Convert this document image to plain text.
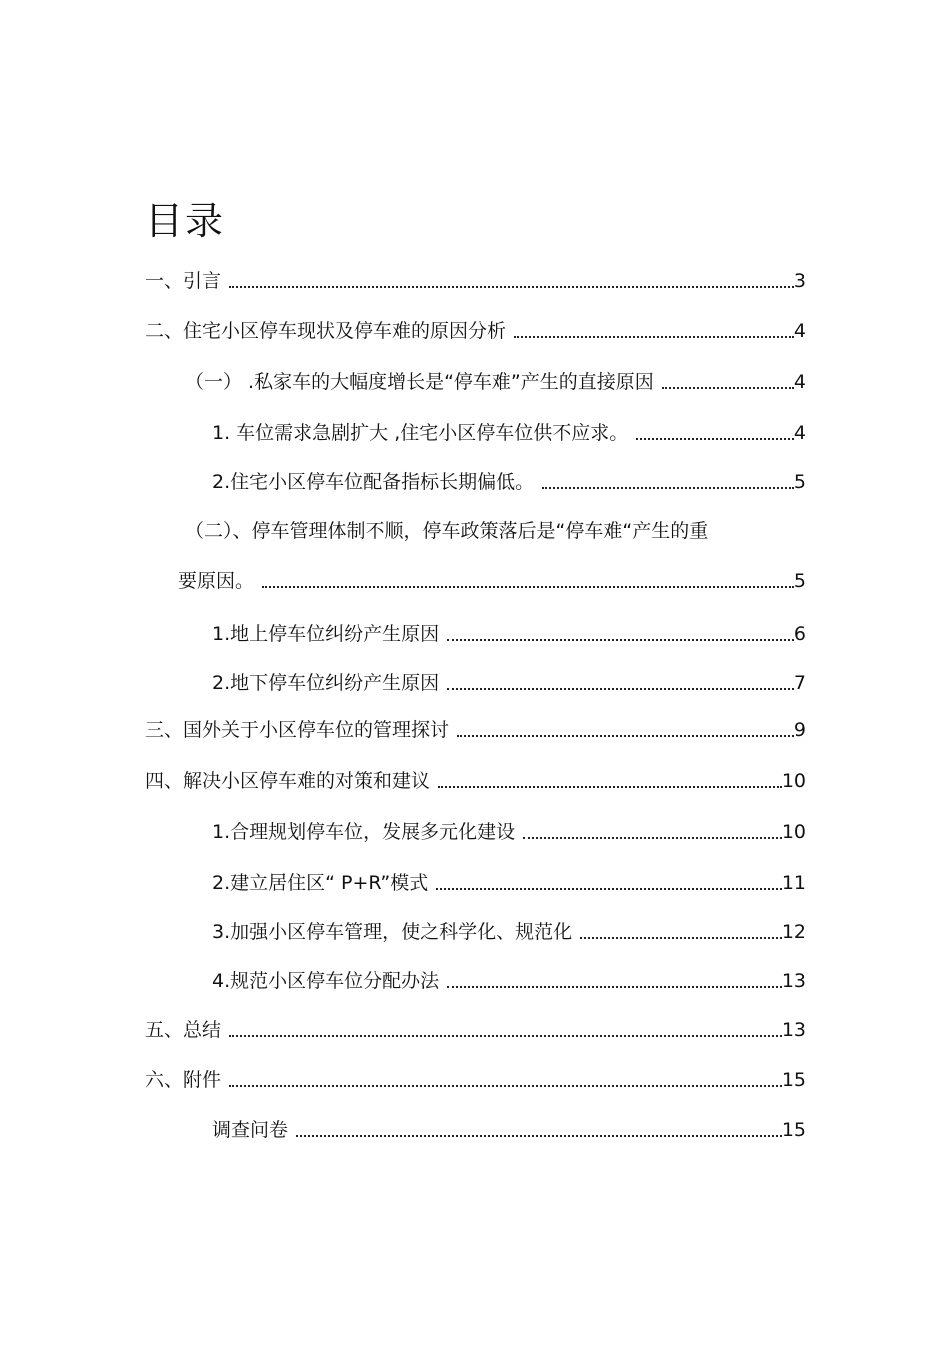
目录
一、引言	3
二、住宅小区停车现状及停车难的原因分析	4
（一） .私家车的大幅度增长是“停车难”产生的直接原因	4
1. 车位需求急剧扩大 ,住宅小区停车位供不应求。	4
2.住宅小区停车位配备指标长期偏低。	5
（二）、停车管理体制不顺，停车政策落后是“停车难“产生的重
要原因。	5
1.地上停车位纠纷产生原因	6
2.地下停车位纠纷产生原因	7
三、国外关于小区停车位的管理探讨	9
四、解决小区停车难的对策和建议	10
1.合理规划停车位，发展多元化建设	10
2.建立居住区“ P+R”模式	11
3.加强小区停车管理，使之科学化、规范化	12
4.规范小区停车位分配办法	13
五、总结	13
六、附件	15
调查问卷	15
